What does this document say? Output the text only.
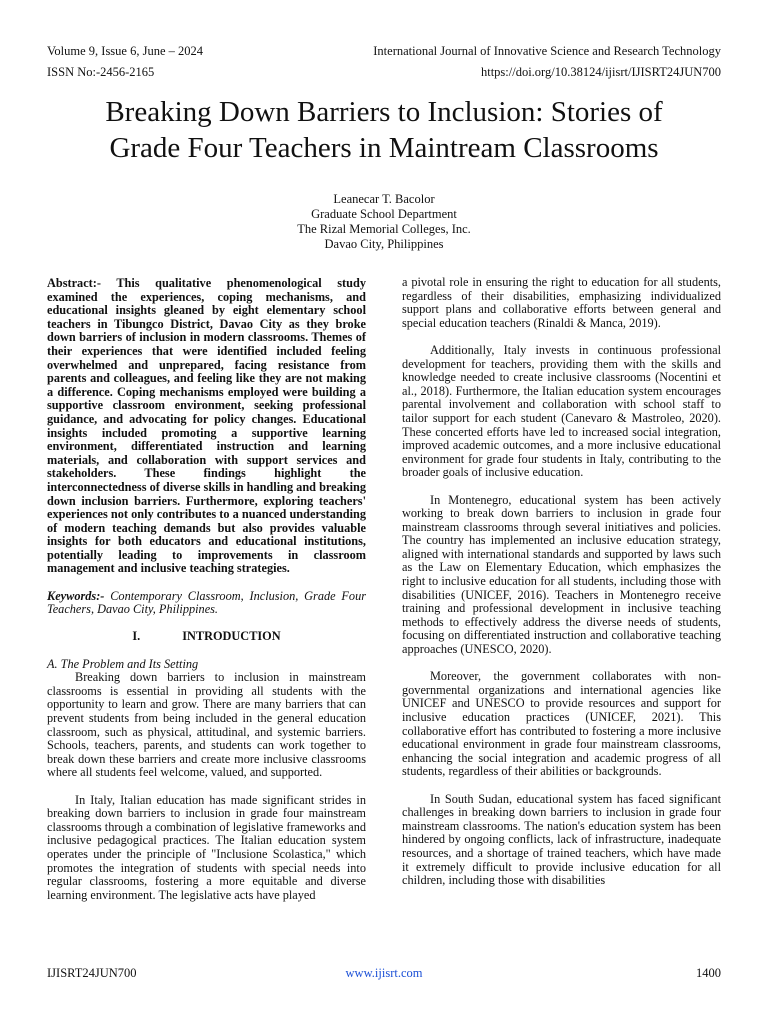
Volume 9, Issue 6, June – 2024	International Journal of Innovative Science and Research Technology
ISSN No:-2456-2165	https://doi.org/10.38124/ijisrt/IJISRT24JUN700
Breaking Down Barriers to Inclusion: Stories of
Grade Four Teachers in Maintream Classrooms
Leanecar T. Bacolor
Graduate School Department
The Rizal Memorial Colleges, Inc.
Davao City, Philippines

Abstract:- This qualitative phenomenological study examined the experiences, coping mechanisms, and educational insights gleaned by eight elementary school teachers in Tibungco District, Davao City as they broke down barriers of inclusion in modern classrooms. Themes of their experiences that were identified included feeling overwhelmed and unprepared, facing resistance from parents and colleagues, and feeling like they are not making a difference. Coping mechanisms employed were building a supportive classroom environment, seeking professional guidance, and advocating for policy changes. Educational insights included promoting a supportive learning environment, differentiated instruction and learning materials, and collaboration with support services and stakeholders. These findings highlight the interconnectedness of diverse skills in handling and breaking down inclusion barriers. Furthermore, exploring teachers' experiences not only contributes to a nuanced understanding of modern teaching demands but also provides valuable insights for both educators and educational institutions, potentially leading to improvements in classroom management and inclusive teaching strategies.

Keywords:- Contemporary Classroom, Inclusion, Grade Four Teachers, Davao City, Philippines.

I.	INTRODUCTION

A. The Problem and Its Setting

Breaking down barriers to inclusion in mainstream classrooms is essential in providing all students with the opportunity to learn and grow. There are many barriers that can prevent students from being included in the general education classroom, such as physical, attitudinal, and systemic barriers. Schools, teachers, parents, and students can work together to break down these barriers and create more inclusive classrooms where all students feel welcome, valued, and supported.

In Italy, Italian education has made significant strides in breaking down barriers to inclusion in grade four mainstream classrooms through a combination of legislative frameworks and inclusive pedagogical practices. The Italian education system operates under the principle of "Inclusione Scolastica," which promotes the integration of students with special needs into regular classrooms, fostering a more equitable and diverse learning environment. The legislative acts have played

a pivotal role in ensuring the right to education for all students, regardless of their disabilities, emphasizing individualized support plans and collaborative efforts between general and special education teachers (Rinaldi & Manca, 2019).

Additionally, Italy invests in continuous professional development for teachers, providing them with the skills and knowledge needed to create inclusive classrooms (Nocentini et al., 2018). Furthermore, the Italian education system encourages parental involvement and collaboration with school staff to tailor support for each student (Canevaro & Mastroleo, 2020). These concerted efforts have led to increased social integration, improved academic outcomes, and a more inclusive educational environment for grade four students in Italy, contributing to the broader goals of inclusive education.

In Montenegro, educational system has been actively working to break down barriers to inclusion in grade four mainstream classrooms through several initiatives and policies. The country has implemented an inclusive education strategy, aligned with international standards and supported by laws such as the Law on Elementary Education, which emphasizes the right to inclusive education for all students, including those with disabilities (UNICEF, 2016). Teachers in Montenegro receive training and professional development in inclusive teaching methods to effectively address the diverse needs of students, focusing on differentiated instruction and collaborative teaching approaches (UNESCO, 2020).

Moreover, the government collaborates with non-governmental organizations and international agencies like UNICEF and UNESCO to provide resources and support for inclusive education practices (UNICEF, 2021). This collaborative effort has contributed to fostering a more inclusive educational environment in grade four mainstream classrooms, enhancing the social integration and academic progress of all students, regardless of their abilities or backgrounds.

In South Sudan, educational system has faced significant challenges in breaking down barriers to inclusion in grade four mainstream classrooms. The nation's education system has been hindered by ongoing conflicts, lack of infrastructure, inadequate resources, and a shortage of trained teachers, which have made it extremely difficult to provide inclusive education for all children, including those with disabilities

IJISRT24JUN700	www.ijisrt.com	1400
